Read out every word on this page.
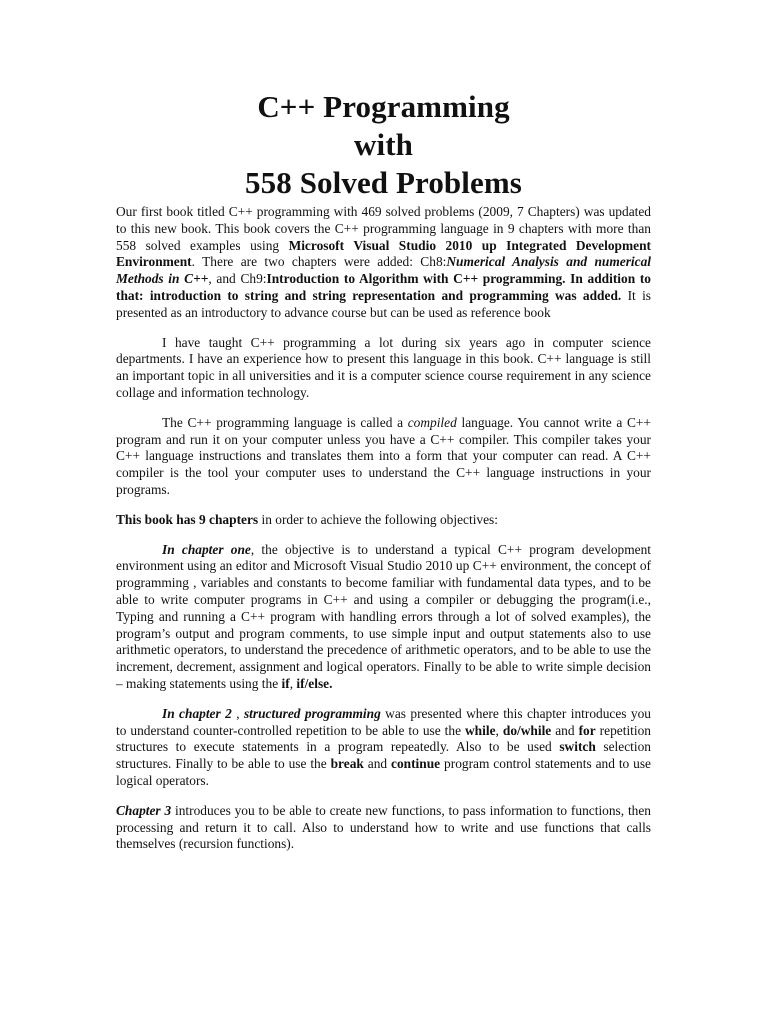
C++ Programming
with
558 Solved Problems

Our first book titled C++ programming with 469 solved problems (2009, 7 Chapters) was updated to this new book. This book covers the C++ programming language in 9 chapters with more than 558 solved examples using Microsoft Visual Studio 2010 up Integrated Development Environment. There are two chapters were added: Ch8:Numerical Analysis and numerical Methods in C++, and Ch9:Introduction to Algorithm with C++ programming. In addition to that: introduction to string and string representation and programming was added. It is presented as an introductory to advance course but can be used as reference book

I have taught C++ programming a lot during six years ago in computer science departments. I have an experience how to present this language in this book. C++ language is still an important topic in all universities and it is a computer science course requirement in any science collage and information technology.

The C++ programming language is called a compiled language. You cannot write a C++ program and run it on your computer unless you have a C++ compiler. This compiler takes your C++ language instructions and translates them into a form that your computer can read. A C++ compiler is the tool your computer uses to understand the C++ language instructions in your programs.

This book has 9 chapters in order to achieve the following objectives:

In chapter one, the objective is to understand a typical C++ program development environment using an editor and Microsoft Visual Studio 2010 up C++ environment, the concept of programming , variables and constants to become familiar with fundamental data types, and to be able to write computer programs in C++ and using a compiler or debugging the program(i.e., Typing and running a C++ program with handling errors through a lot of solved examples), the program’s output and program comments, to use simple input and output statements also to use arithmetic operators, to understand the precedence of arithmetic operators, and to be able to use the increment, decrement, assignment and logical operators. Finally to be able to write simple decision – making statements using the if, if/else.

In chapter 2 , structured programming was presented where this chapter introduces you to understand counter-controlled repetition to be able to use the while, do/while and for repetition structures to execute statements in a program repeatedly. Also to be used switch selection structures. Finally to be able to use the break and continue program control statements and to use logical operators.

Chapter 3 introduces you to be able to create new functions, to pass information to functions, then processing and return it to call. Also to understand how to write and use functions that calls themselves (recursion functions).
